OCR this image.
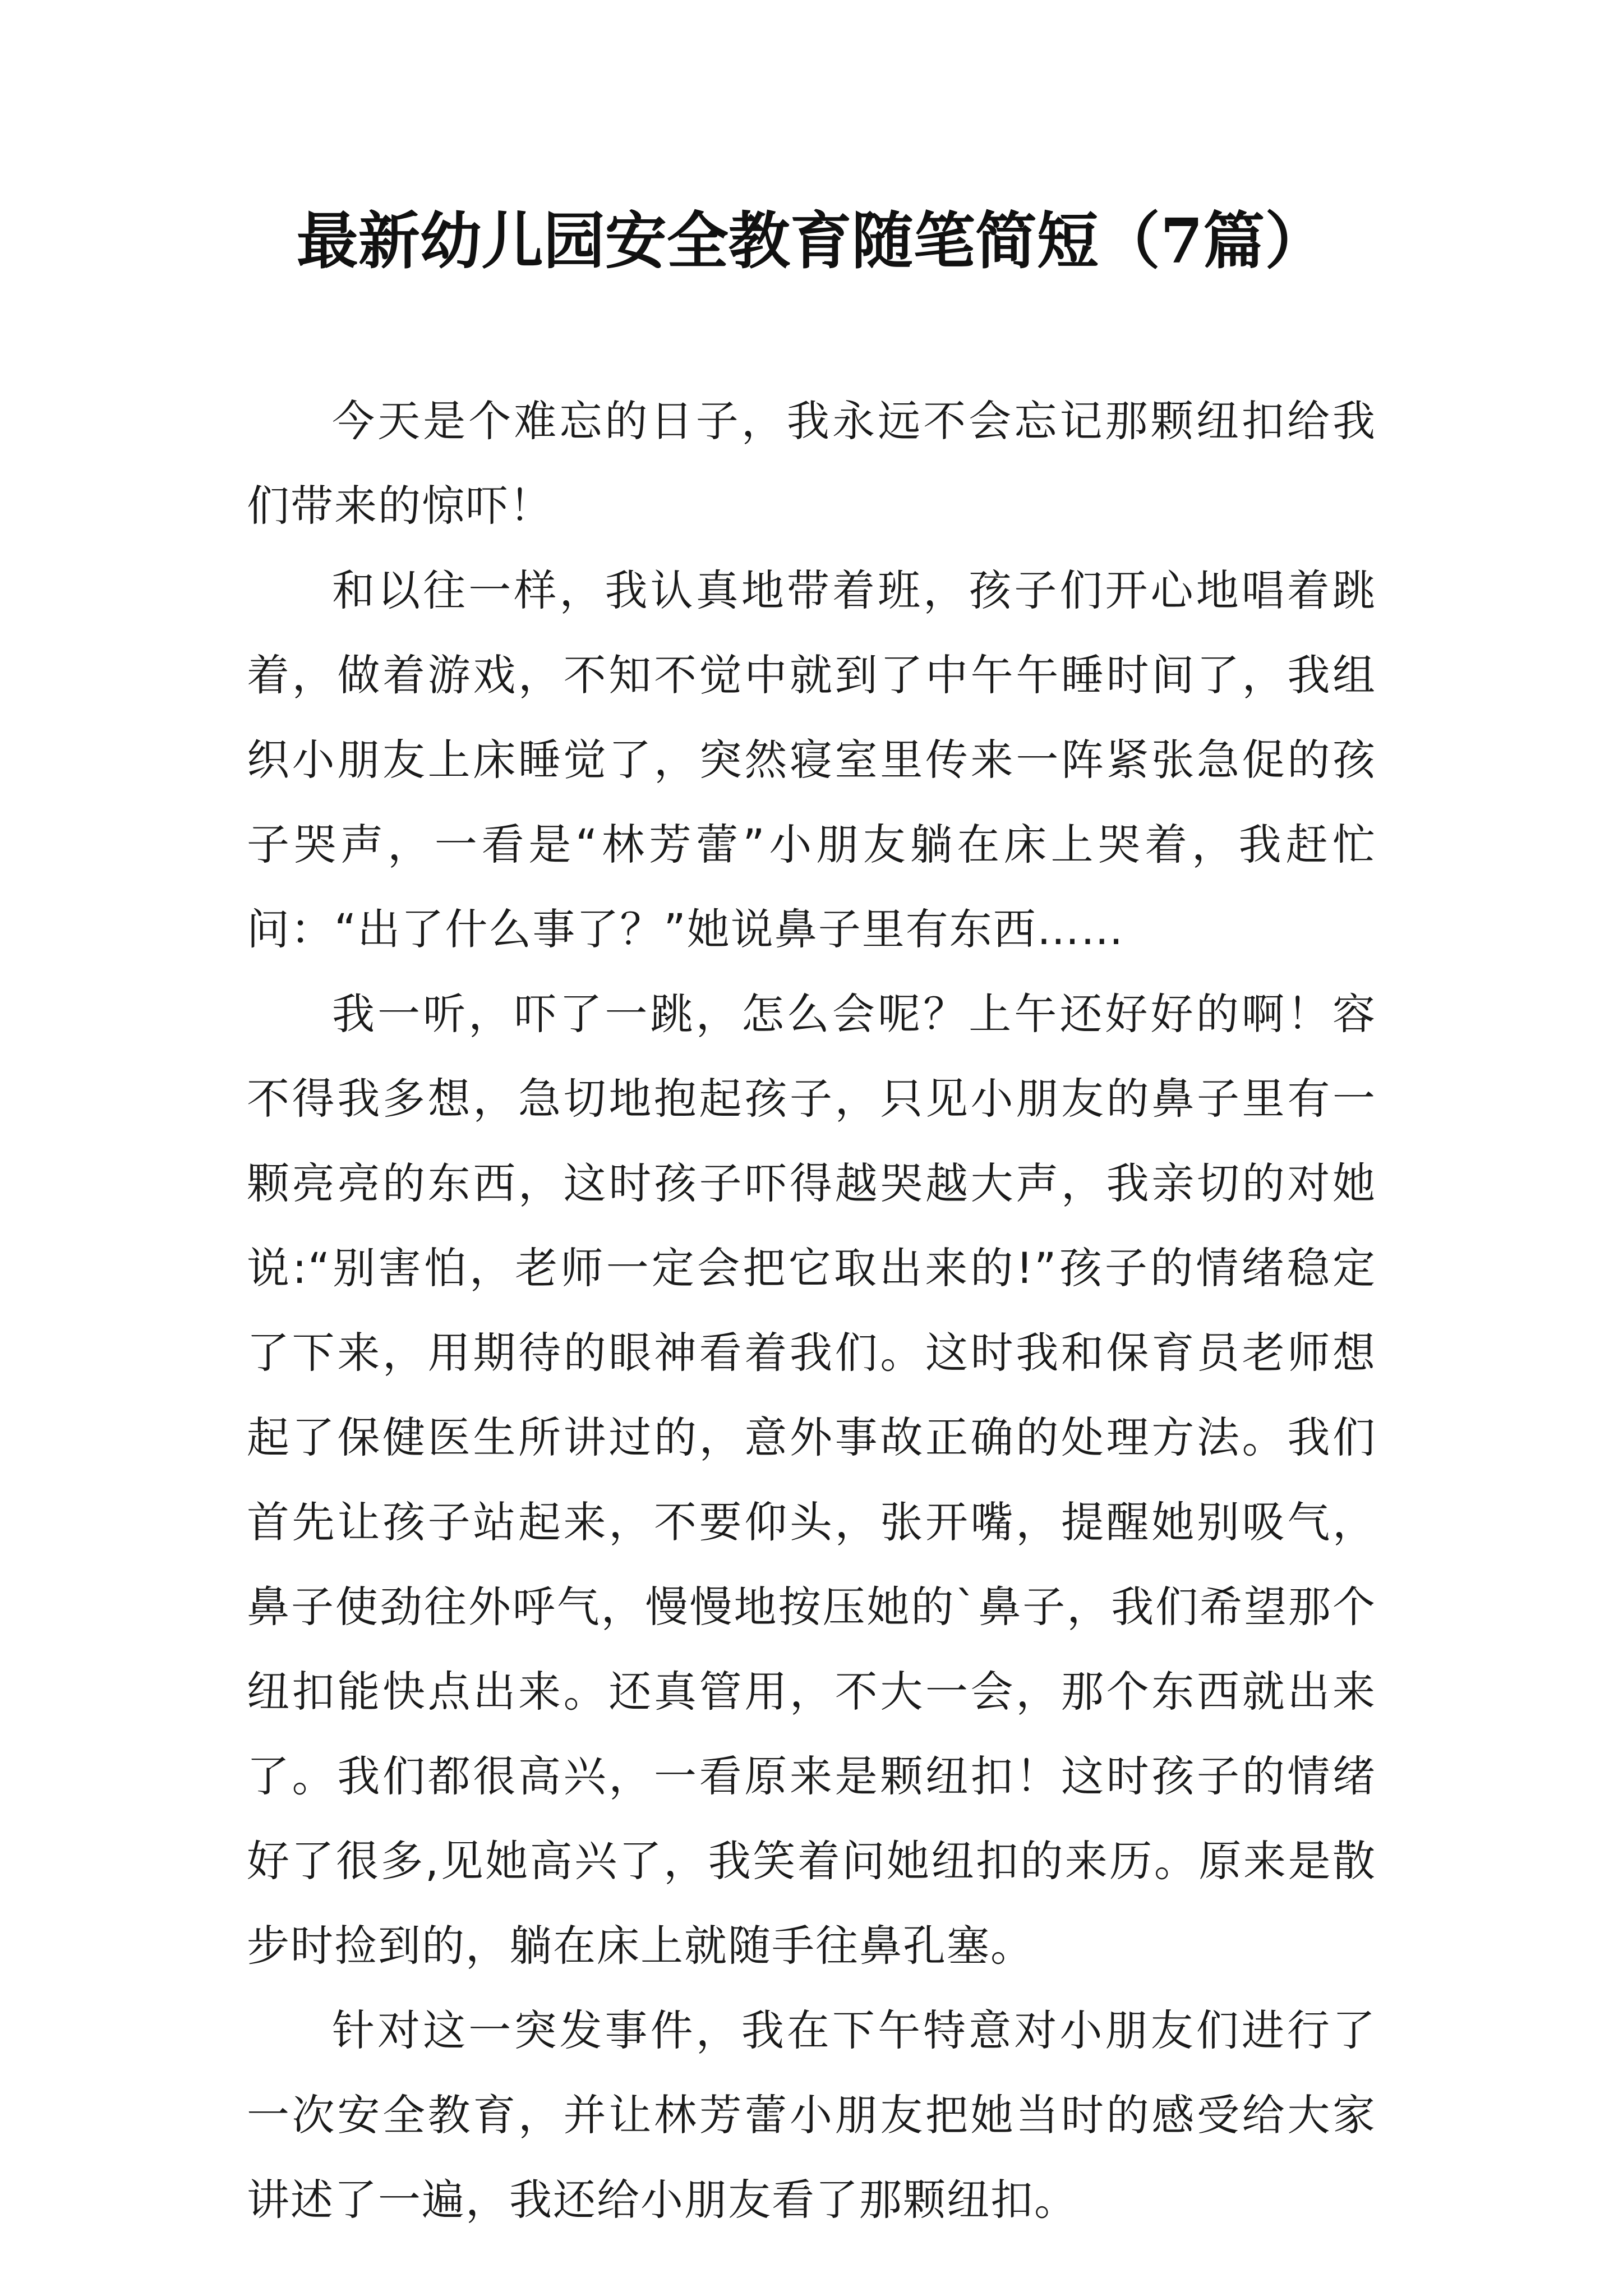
最新幼儿园安全教育随笔简短（7篇）

今天是个难忘的日子，我永远不会忘记那颗纽扣给我们带来的惊吓！

和以往一样，我认真地带着班，孩子们开心地唱着跳着，做着游戏，不知不觉中就到了中午午睡时间了，我组织小朋友上床睡觉了，突然寝室里传来一阵紧张急促的孩子哭声，一看是“林芳蕾”小朋友躺在床上哭着，我赶忙问：“出了什么事了？”她说鼻子里有东西……

我一听，吓了一跳，怎么会呢？上午还好好的啊！容不得我多想，急切地抱起孩子，只见小朋友的鼻子里有一颗亮亮的东西，这时孩子吓得越哭越大声，我亲切的对她说:“别害怕，老师一定会把它取出来的!”孩子的情绪稳定了下来，用期待的眼神看着我们。这时我和保育员老师想起了保健医生所讲过的，意外事故正确的处理方法。我们首先让孩子站起来，不要仰头，张开嘴，提醒她别吸气，鼻子使劲往外呼气，慢慢地按压她的`鼻子，我们希望那个纽扣能快点出来。还真管用，不大一会，那个东西就出来了。我们都很高兴，一看原来是颗纽扣！这时孩子的情绪好了很多,见她高兴了，我笑着问她纽扣的来历。原来是散步时捡到的，躺在床上就随手往鼻孔塞。

针对这一突发事件，我在下午特意对小朋友们进行了一次安全教育，并让林芳蕾小朋友把她当时的感受给大家讲述了一遍，我还给小朋友看了那颗纽扣。
